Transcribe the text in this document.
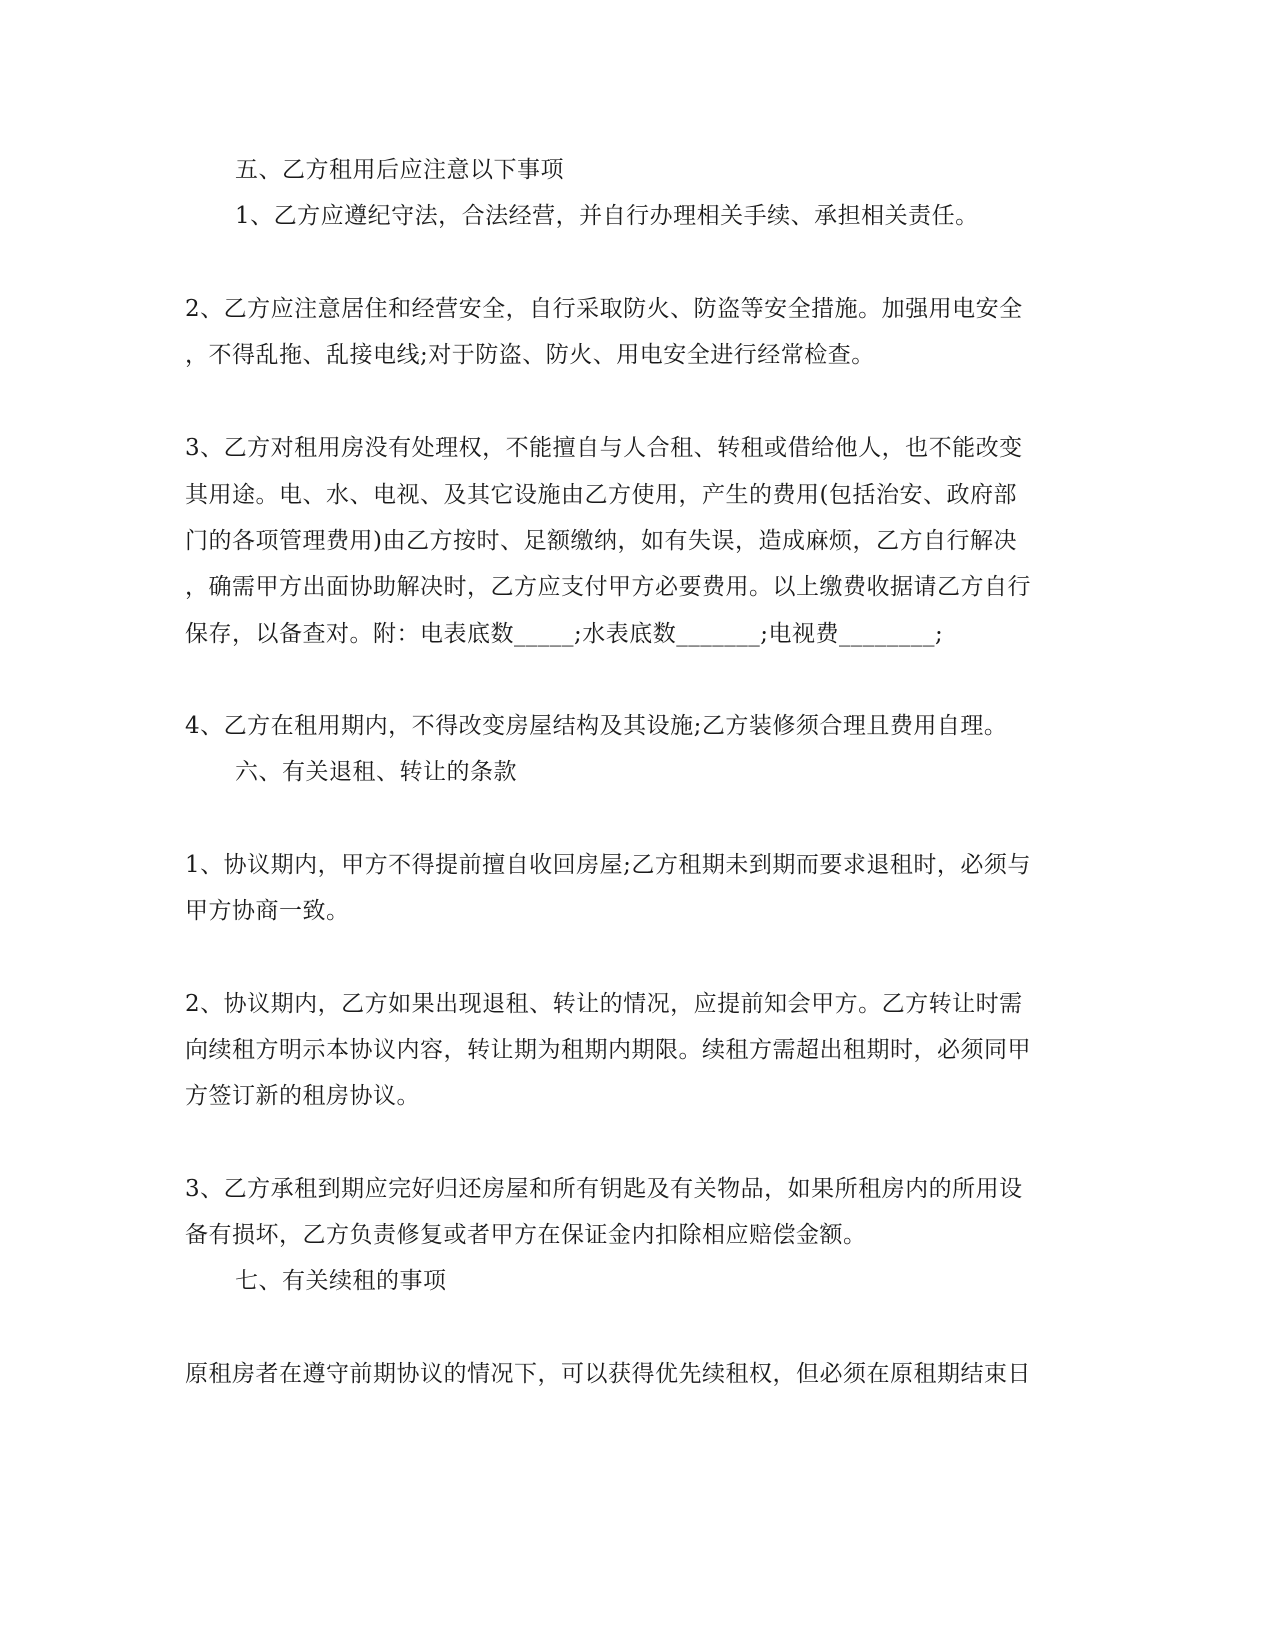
五、乙方租用后应注意以下事项
1、乙方应遵纪守法，合法经营，并自行办理相关手续、承担相关责任。
2、乙方应注意居住和经营安全，自行采取防火、防盗等安全措施。加强用电安全
，不得乱拖、乱接电线;对于防盗、防火、用电安全进行经常检查。
3、乙方对租用房没有处理权，不能擅自与人合租、转租或借给他人，也不能改变
其用途。电、水、电视、及其它设施由乙方使用，产生的费用(包括治安、政府部
门的各项管理费用)由乙方按时、足额缴纳，如有失误，造成麻烦，乙方自行解决
，确需甲方出面协助解决时，乙方应支付甲方必要费用。以上缴费收据请乙方自行
保存，以备查对。附：电表底数_____;水表底数_______;电视费________;
4、乙方在租用期内，不得改变房屋结构及其设施;乙方装修须合理且费用自理。
六、有关退租、转让的条款
1、协议期内，甲方不得提前擅自收回房屋;乙方租期未到期而要求退租时，必须与
甲方协商一致。
2、协议期内，乙方如果出现退租、转让的情况，应提前知会甲方。乙方转让时需
向续租方明示本协议内容，转让期为租期内期限。续租方需超出租期时，必须同甲
方签订新的租房协议。
3、乙方承租到期应完好归还房屋和所有钥匙及有关物品，如果所租房内的所用设
备有损坏，乙方负责修复或者甲方在保证金内扣除相应赔偿金额。
七、有关续租的事项
原租房者在遵守前期协议的情况下，可以获得优先续租权，但必须在原租期结束日
